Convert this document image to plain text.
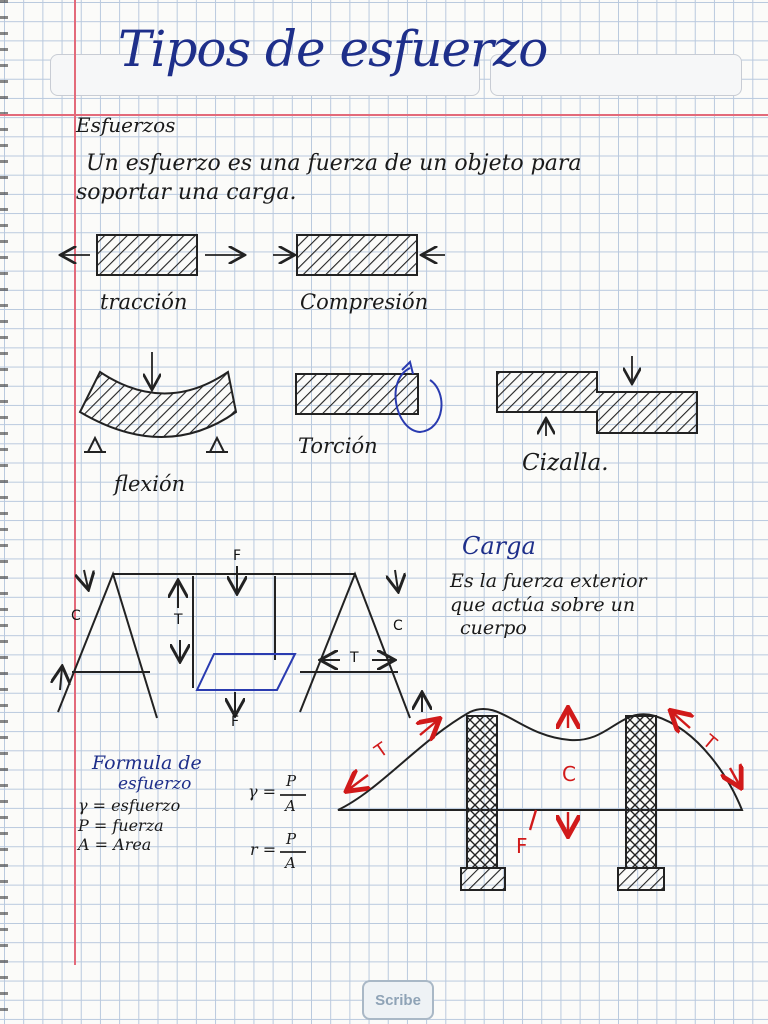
Tipos de esfuerzo
Esfuerzos
Un esfuerzo es una fuerza de un objeto para
soportar una carga.
tracción	Compresión
flexión
Torción
Cizalla.
F
F
C
C
T
T
Carga
Es la fuerza exterior
que actúa sobre un
cuerpo
Formula de
esfuerzo
γ = esfuerzo
P = fuerza
A = Area
γ =
P
A
r =
P
A
T	T
C
F
Scribe
